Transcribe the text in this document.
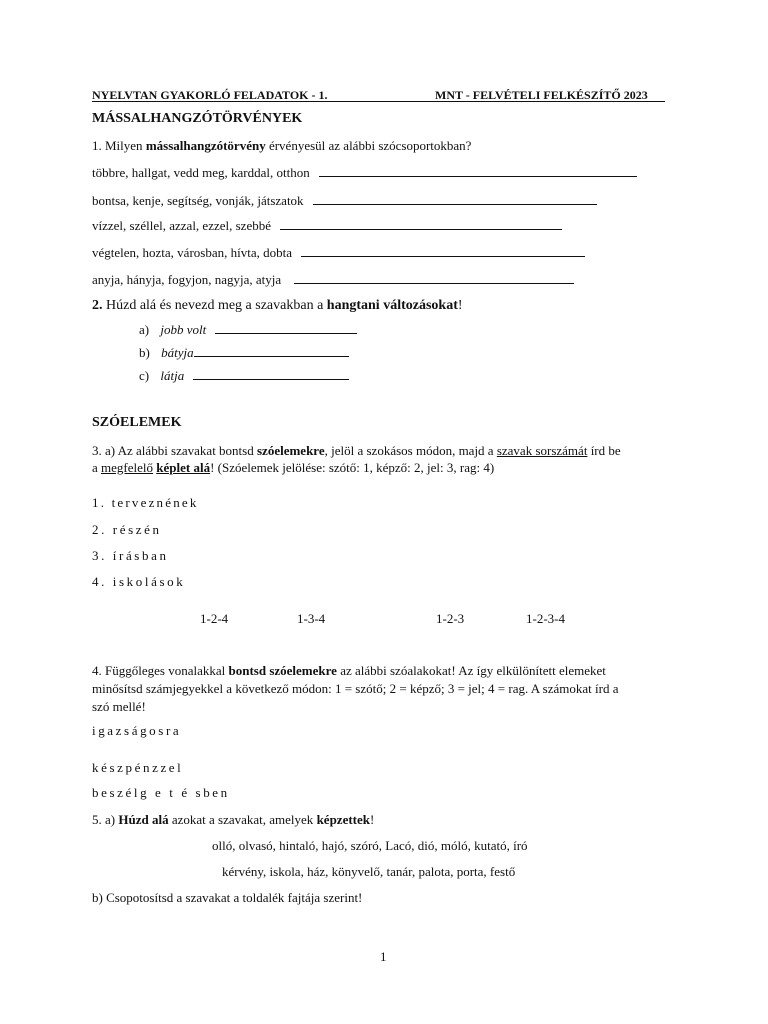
NYELVTAN GYAKORLÓ FELADATOK - 1.	MNT - FELVÉTELI FELKÉSZÍTŐ 2023
MÁSSALHANGZÓTÖRVÉNYEK
1. Milyen mássalhangzótörvény érvényesül az alábbi szócsoportokban?
többre, hallgat, vedd meg, karddal, otthon
bontsa, kenje, segítség, vonják, játszatok
vízzel, széllel, azzal, ezzel, szebbé
végtelen, hozta, városban, hívta, dobta
anyja, hányja, fogyjon, nagyja, atyja
2. Húzd alá és nevezd meg a szavakban a hangtani változásokat!
a) jobb volt
b) bátyja
c) látja
SZÓELEMEK
3. a) Az alábbi szavakat bontsd szóelemekre, jelöl a szokásos módon, majd a szavak sorszámát írd be
a megfelelő képlet alá! (Szóelemek jelölése: szótő: 1, képző: 2, jel: 3, rag: 4)
1. terveznének
2. részén
3. írásban
4. iskolások
1-2-4	1-3-4	1-2-3	1-2-3-4
4. Függőleges vonalakkal bontsd szóelemekre az alábbi szóalakokat! Az így elkülönített elemeket
minősítsd számjegyekkel a következő módon: 1 = szótő; 2 = képző; 3 = jel; 4 = rag. A számokat írd a
szó mellé!
igazságosra
készpénzzel
beszélg e t é sben
5. a) Húzd alá azokat a szavakat, amelyek képzettek!
olló, olvasó, hintaló, hajó, szóró, Lacó, dió, móló, kutató, író
kérvény, iskola, ház, könyvelő, tanár, palota, porta, festő
b) Csopotosítsd a szavakat a toldalék fajtája szerint!
1
